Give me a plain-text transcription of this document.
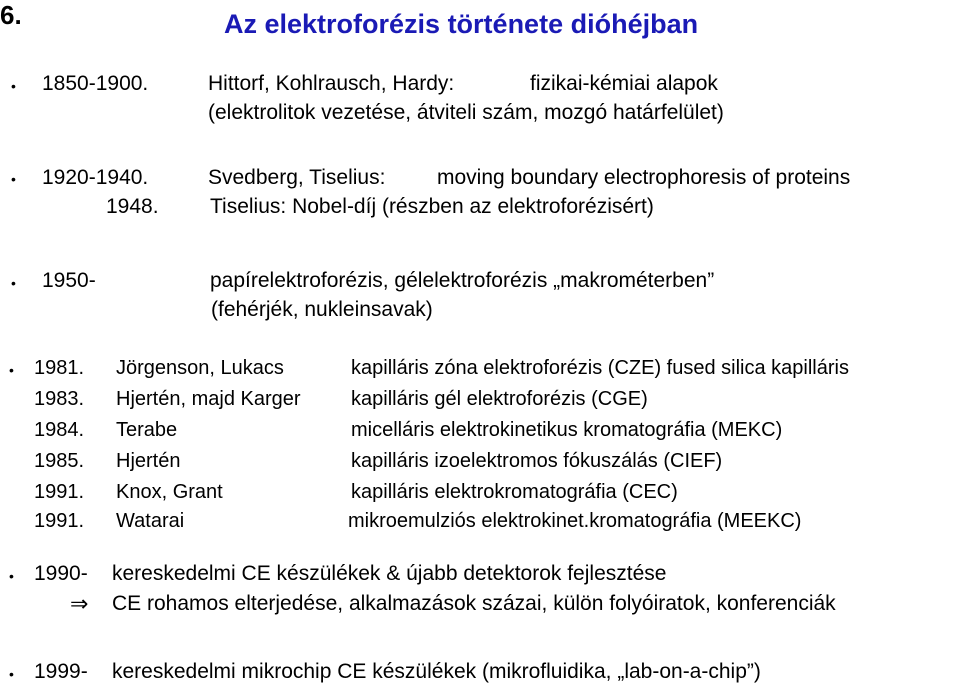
6.	Az elektroforézis története dióhéjban
• 1850-1900.	Hittorf, Kohlrausch, Hardy:	fizikai-kémiai alapok
(elektrolitok vezetése, átviteli szám, mozgó határfelület)
• 1920-1940.	Svedberg, Tiselius: moving boundary electrophoresis of proteins
1948. Tiselius: Nobel-díj (részben az elektroforézisért)
• 1950-	papírelektroforézis, gélelektroforézis „makrométerben”
(fehérjék, nukleinsavak)
• 1981. Jörgenson, Lukacs	kapilláris zóna elektroforézis (CZE) fused silica kapilláris
1983. Hjertén, majd Karger	kapilláris gél elektroforézis (CGE)
1984. Terabe	micelláris elektrokinetikus kromatográfia (MEKC)
1985. Hjertén	kapilláris izoelektromos fókuszálás (CIEF)
1991. Knox, Grant	kapilláris elektrokromatográfia (CEC)
1991. Watarai	mikroemulziós elektrokinet.kromatográfia (MEEKC)
• 1990- kereskedelmi CE készülékek & újabb detektorok fejlesztése
⇒ CE rohamos elterjedése, alkalmazások százai, külön folyóiratok, konferenciák
• 1999- kereskedelmi mikrochip CE készülékek (mikrofluidika, „lab-on-a-chip”)
